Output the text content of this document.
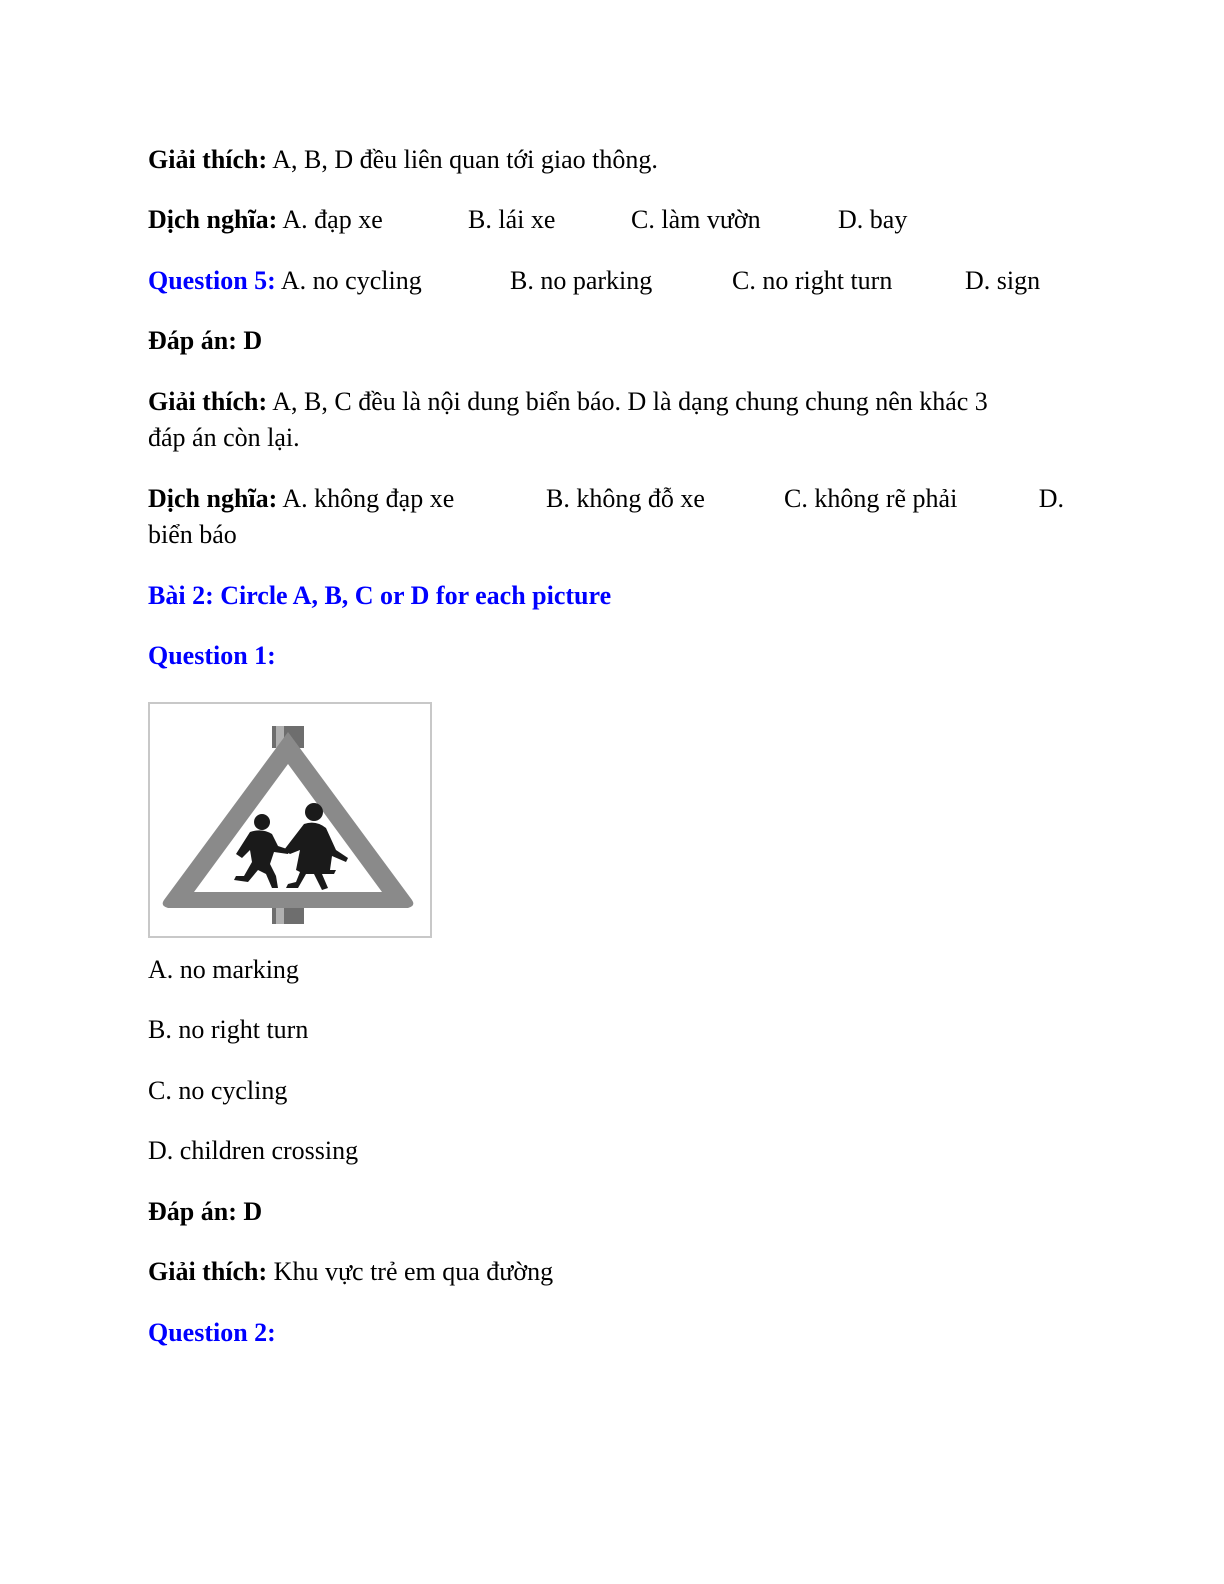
Giải thích: A, B, D đều liên quan tới giao thông.
Dịch nghĩa: A. đạp xe	B. lái xe	C. làm vườn	D. bay
Question 5: A. no cycling	B. no parking	C. no right turn	D. sign
Đáp án: D
Giải thích: A, B, C đều là nội dung biển báo. D là dạng chung chung nên khác 3
đáp án còn lại.
Dịch nghĩa: A. không đạp xe	B. không đỗ xe	C. không rẽ phải	D.
biển báo
Bài 2: Circle A, B, C or D for each picture
Question 1:
A. no marking
B. no right turn
C. no cycling
D. children crossing
Đáp án: D
Giải thích: Khu vực trẻ em qua đường
Question 2:
